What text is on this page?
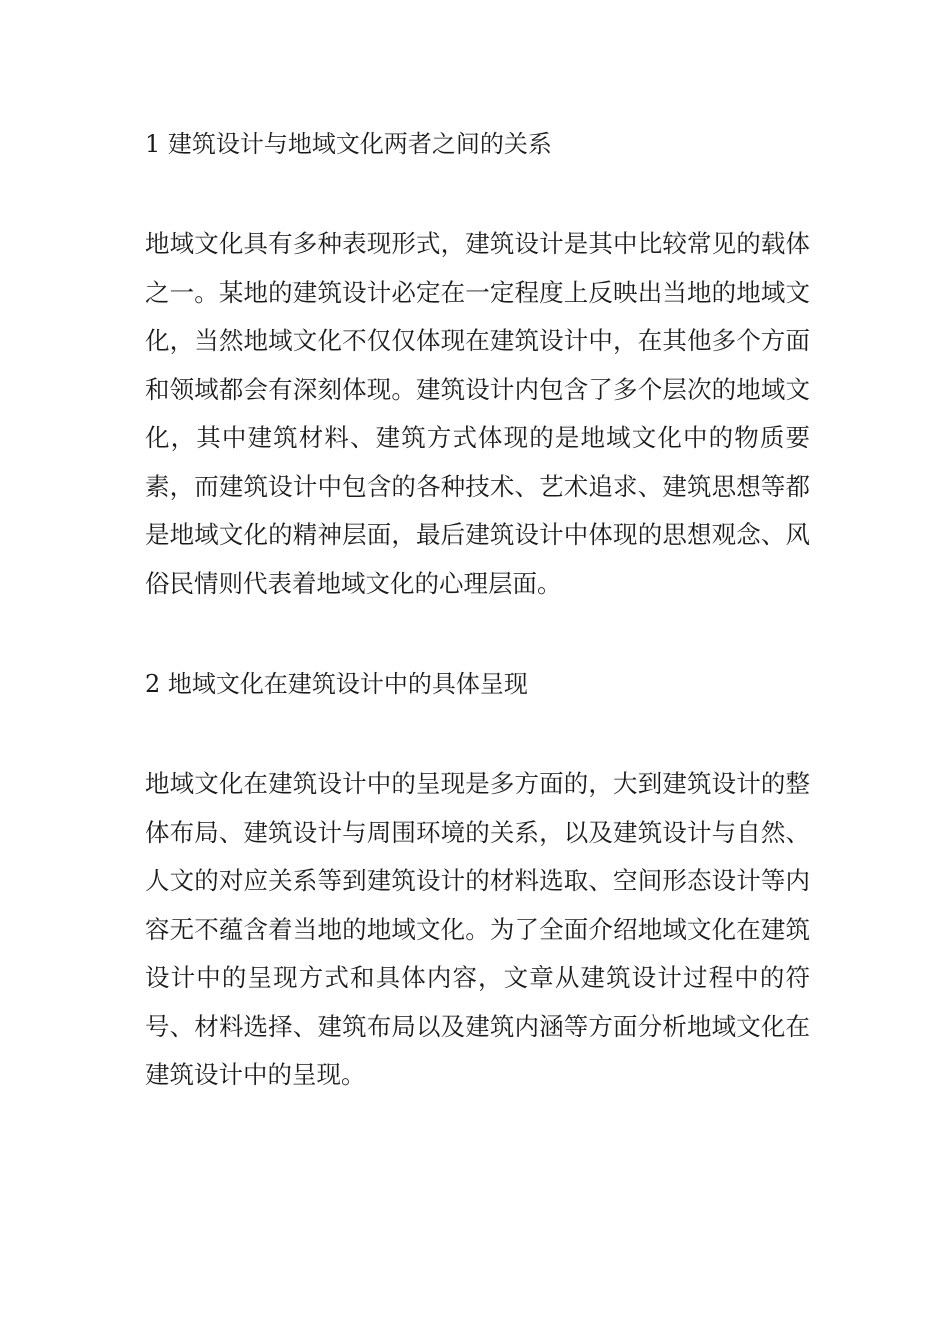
1 建筑设计与地域文化两者之间的关系
地域文化具有多种表现形式，建筑设计是其中比较常见的载体之一。某地的建筑设计必定在一定程度上反映出当地的地域文化，当然地域文化不仅仅体现在建筑设计中，在其他多个方面和领域都会有深刻体现。建筑设计内包含了多个层次的地域文化，其中建筑材料、建筑方式体现的是地域文化中的物质要素，而建筑设计中包含的各种技术、艺术追求、建筑思想等都是地域文化的精神层面，最后建筑设计中体现的思想观念、风俗民情则代表着地域文化的心理层面。
2 地域文化在建筑设计中的具体呈现
地域文化在建筑设计中的呈现是多方面的，大到建筑设计的整体布局、建筑设计与周围环境的关系，以及建筑设计与自然、人文的对应关系等到建筑设计的材料选取、空间形态设计等内容无不蕴含着当地的地域文化。为了全面介绍地域文化在建筑设计中的呈现方式和具体内容，文章从建筑设计过程中的符号、材料选择、建筑布局以及建筑内涵等方面分析地域文化在建筑设计中的呈现。
